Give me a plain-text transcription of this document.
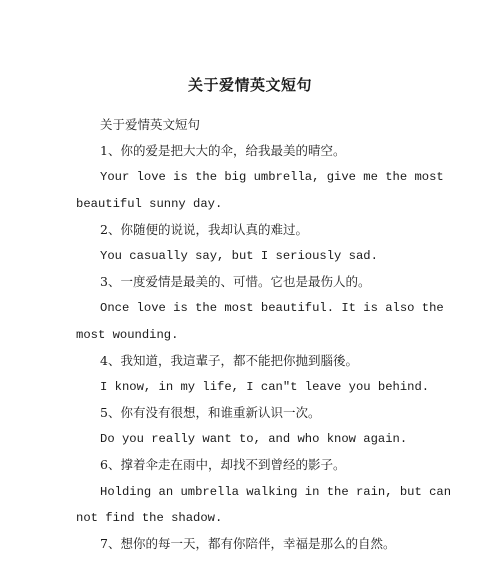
关于爱情英文短句
关于爱情英文短句
1、你的爱是把大大的伞，给我最美的晴空。
Your love is the big umbrella, give me the most
beautiful sunny day.
2、你随便的说说，我却认真的难过。
You casually say, but I seriously sad.
3、一度爱情是最美的、可惜。它也是最伤人的。
Once love is the most beautiful. It is also the
most wounding.
4、我知道，我這輩子，都不能把你抛到腦後。
I know, in my life, I can"t leave you behind.
5、你有没有很想，和谁重新认识一次。
Do you really want to, and who know again.
6、撑着伞走在雨中，却找不到曾经的影子。
Holding an umbrella walking in the rain, but can
not find the shadow.
7、想你的每一天，都有你陪伴，幸福是那么的自然。
